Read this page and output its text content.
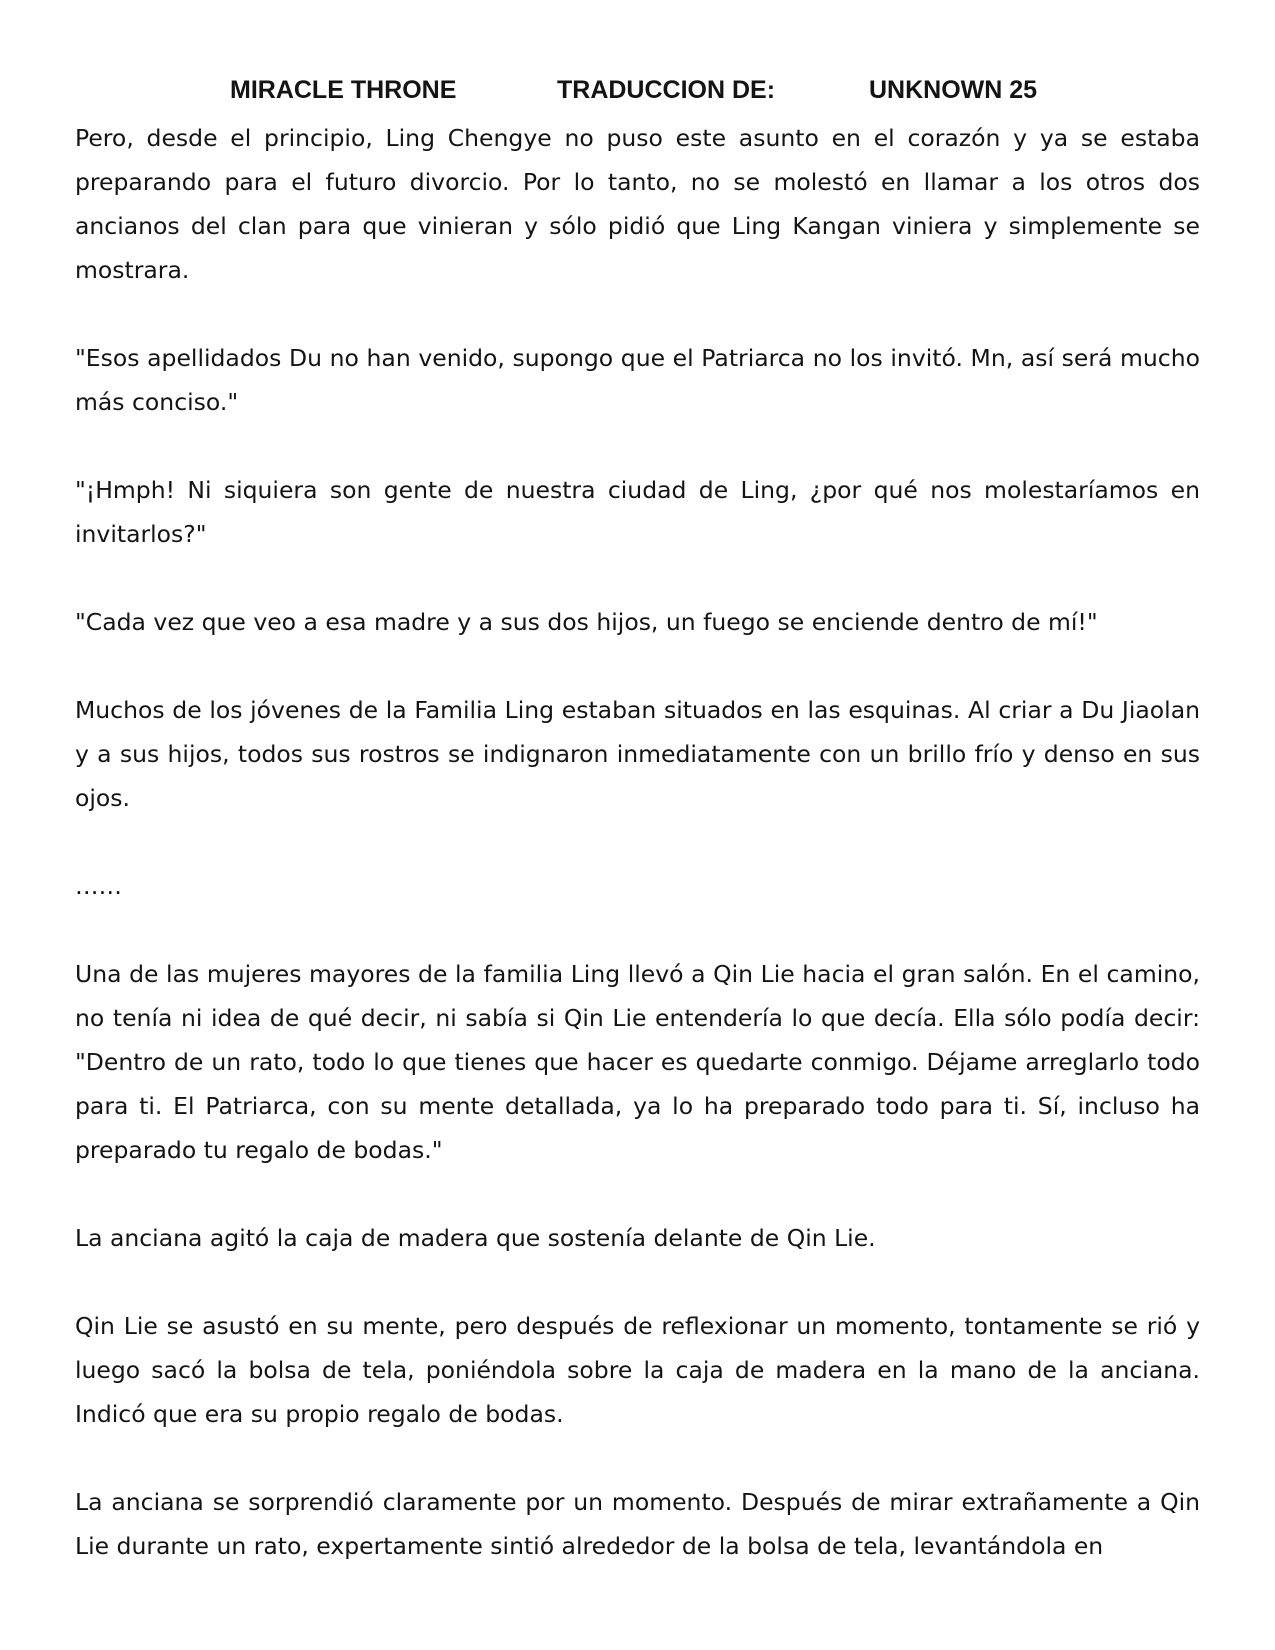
MIRACLE THRONE	TRADUCCION DE:	UNKNOWN 25

Pero, desde el principio, Ling Chengye no puso este asunto en el corazón y ya se estaba preparando para el futuro divorcio. Por lo tanto, no se molestó en llamar a los otros dos ancianos del clan para que vinieran y sólo pidió que Ling Kangan viniera y simplemente se mostrara.

"Esos apellidados Du no han venido, supongo que el Patriarca no los invitó. Mn, así será mucho más conciso."

"¡Hmph! Ni siquiera son gente de nuestra ciudad de Ling, ¿por qué nos molestaríamos en invitarlos?"

"Cada vez que veo a esa madre y a sus dos hijos, un fuego se enciende dentro de mí!"

Muchos de los jóvenes de la Familia Ling estaban situados en las esquinas. Al criar a Du Jiaolan y a sus hijos, todos sus rostros se indignaron inmediatamente con un brillo frío y denso en sus ojos.

……

Una de las mujeres mayores de la familia Ling llevó a Qin Lie hacia el gran salón. En el camino, no tenía ni idea de qué decir, ni sabía si Qin Lie entendería lo que decía. Ella sólo podía decir: "Dentro de un rato, todo lo que tienes que hacer es quedarte conmigo. Déjame arreglarlo todo para ti. El Patriarca, con su mente detallada, ya lo ha preparado todo para ti. Sí, incluso ha preparado tu regalo de bodas."

La anciana agitó la caja de madera que sostenía delante de Qin Lie.

Qin Lie se asustó en su mente, pero después de reflexionar un momento, tontamente se rió y luego sacó la bolsa de tela, poniéndola sobre la caja de madera en la mano de la anciana. Indicó que era su propio regalo de bodas.

La anciana se sorprendió claramente por un momento. Después de mirar extrañamente a Qin Lie durante un rato, expertamente sintió alrededor de la bolsa de tela, levantándola en
